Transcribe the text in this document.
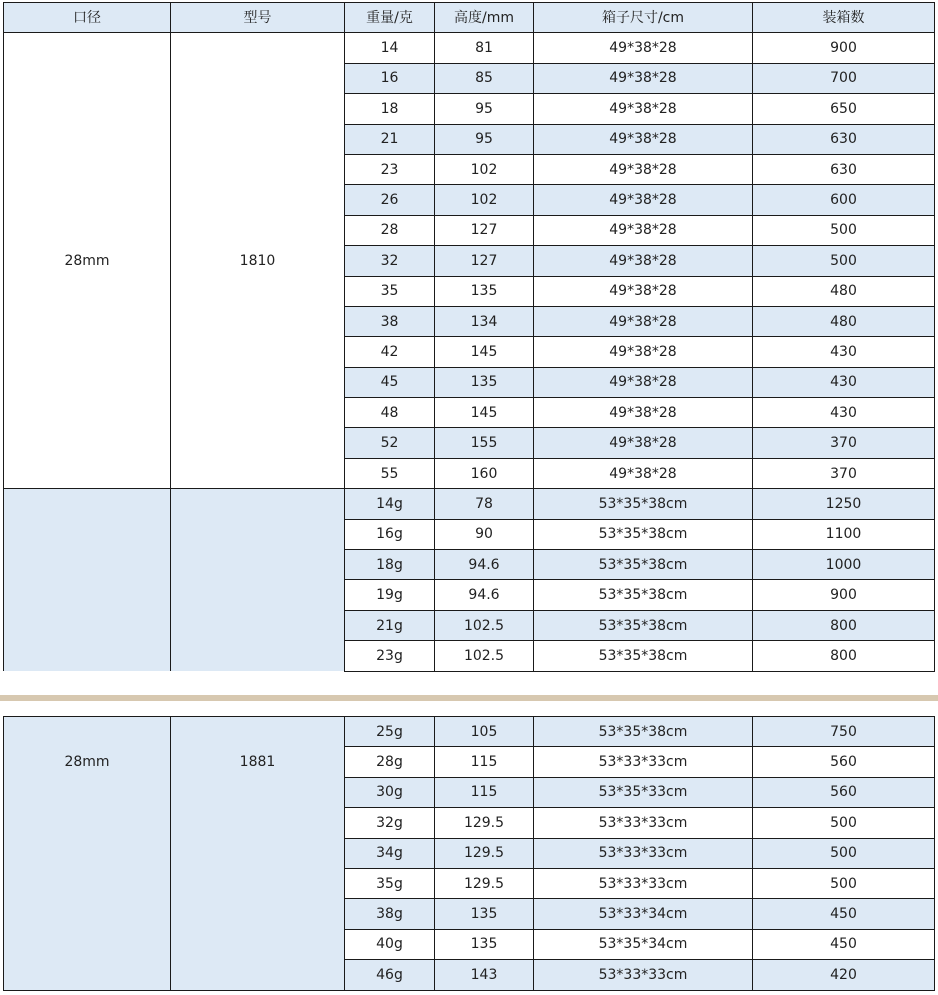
口径	型号	重量/克	高度/mm	箱子尺寸/cm	装箱数
28mm	1810	14	81	49*38*28	900
		16	85	49*38*28	700
		18	95	49*38*28	650
		21	95	49*38*28	630
		23	102	49*38*28	630
		26	102	49*38*28	600
		28	127	49*38*28	500
		32	127	49*38*28	500
		35	135	49*38*28	480
		38	134	49*38*28	480
		42	145	49*38*28	430
		45	135	49*38*28	430
		48	145	49*38*28	430
		52	155	49*38*28	370
		55	160	49*38*28	370
		14g	78	53*35*38cm	1250
		16g	90	53*35*38cm	1100
		18g	94.6	53*35*38cm	1000
		19g	94.6	53*35*38cm	900
		21g	102.5	53*35*38cm	800
		23g	102.5	53*35*38cm	800
28mm	1881	25g	105	53*35*38cm	750
		28g	115	53*33*33cm	560
		30g	115	53*35*33cm	560
		32g	129.5	53*33*33cm	500
		34g	129.5	53*33*33cm	500
		35g	129.5	53*33*33cm	500
		38g	135	53*33*34cm	450
		40g	135	53*35*34cm	450
		46g	143	53*33*33cm	420
